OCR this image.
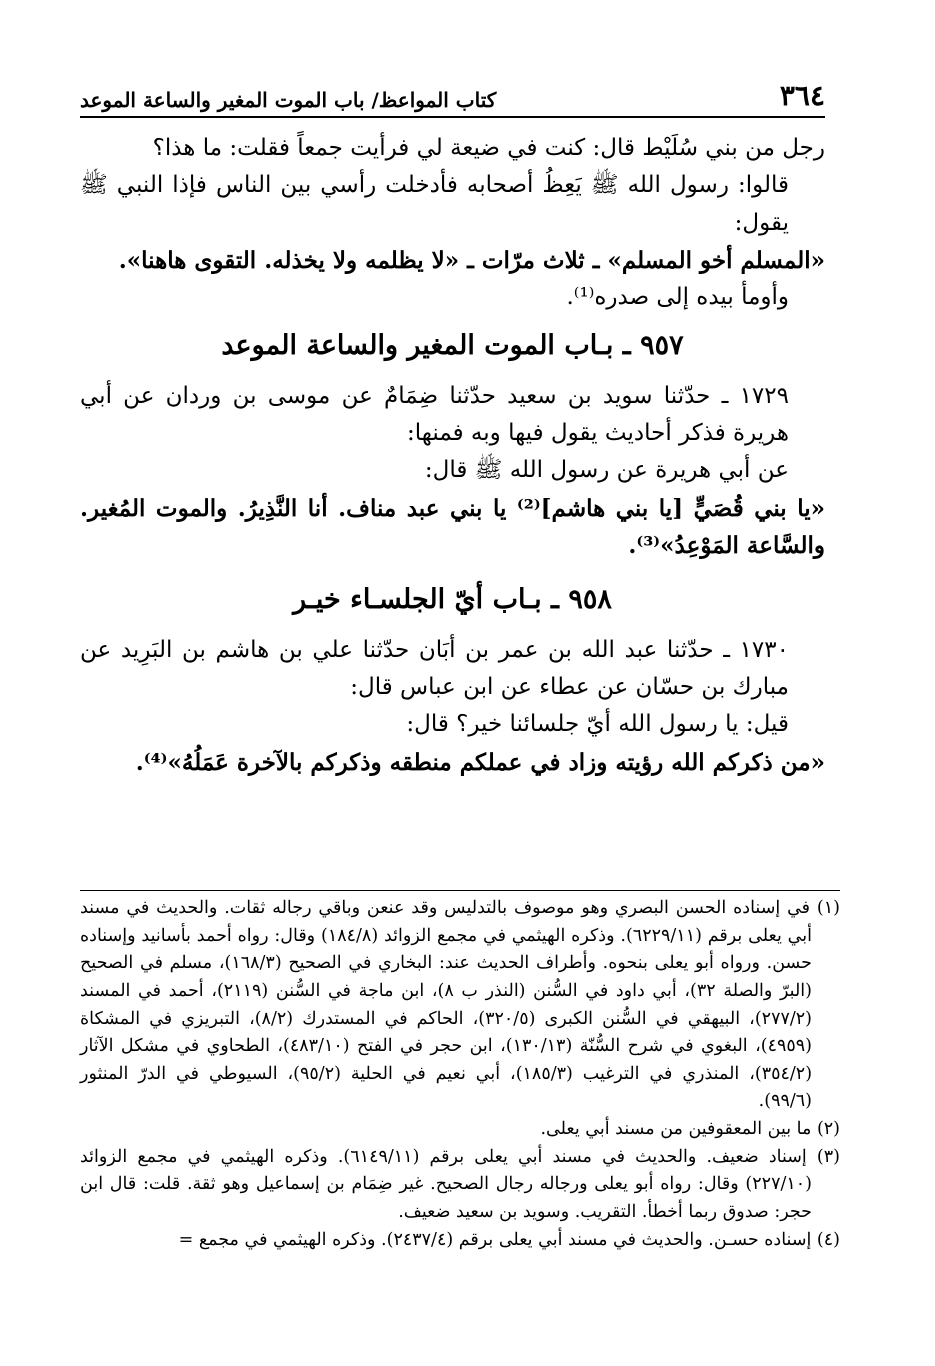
٣٦٤
كتاب المواعظ/ باب الموت المغير والساعة الموعد

رجل من بني سُلَيْط قال: كنت في ضيعة لي فرأيت جمعاً فقلت: ما هذا؟

قالوا: رسول الله ﷺ يَعِظُ أصحابه فأدخلت رأسي بين الناس فإذا النبي ﷺ يقول:

«المسلم أخو المسلم» ـ ثلاث مرّات ـ «لا يظلمه ولا يخذله. التقوى هاهنا».

وأومأ بيده إلى صدره⁽¹⁾.

٩٥٧ ـ بـاب الموت المغير والساعة الموعد

١٧٢٩ ـ حدّثنا سويد بن سعيد حدّثنا ضِمَامٌ عن موسى بن وردان عن أبي هريرة فذكر أحاديث يقول فيها وبه فمنها:

عن أبي هريرة عن رسول الله ﷺ قال:

«يا بني قُصَيٍّ [يا بني هاشم]⁽²⁾ يا بني عبد مناف. أنا النَّذِيرُ. والموت المُغير. والسَّاعة المَوْعِدُ»⁽³⁾.

٩٥٨ ـ بـاب أيّ الجلسـاء خيـر

١٧٣٠ ـ حدّثنا عبد الله بن عمر بن أبَان حدّثنا علي بن هاشم بن البَرِيد عن مبارك بن حسّان عن عطاء عن ابن عباس قال:

قيل: يا رسول الله أيّ جلسائنا خير؟ قال:

«من ذكركم الله رؤيته وزاد في عملكم منطقه وذكركم بالآخرة عَمَلُهُ»⁽⁴⁾.

(١) في إسناده الحسن البصري وهو موصوف بالتدليس وقد عنعن وباقي رجاله ثقات. والحديث في مسند أبي يعلى برقم (٦٢٢٩/١١). وذكره الهيثمي في مجمع الزوائد (١٨٤/٨) وقال: رواه أحمد بأسانيد وإسناده حسن. ورواه أبو يعلى بنحوه. وأطراف الحديث عند: البخاري في الصحيح (١٦٨/٣)، مسلم في الصحيح (البرّ والصلة ٣٢)، أبي داود في السُّنن (النذر ب ٨)، ابن ماجة في السُّنن (٢١١٩)، أحمد في المسند (٢٧٧/٢)، البيهقي في السُّنن الكبرى (٣٢٠/٥)، الحاكم في المستدرك (٨/٢)، التبريزي في المشكاة (٤٩٥٩)، البغوي في شرح السُّنّة (١٣٠/١٣)، ابن حجر في الفتح (٤٨٣/١٠)، الطحاوي في مشكل الآثار (٣٥٤/٢)، المنذري في الترغيب (١٨٥/٣)، أبي نعيم في الحلية (٩٥/٢)، السيوطي في الدرّ المنثور (٩٩/٦).

(٢) ما بين المعقوفين من مسند أبي يعلى.

(٣) إسناد ضعيف. والحديث في مسند أبي يعلى برقم (٦١٤٩/١١). وذكره الهيثمي في مجمع الزوائد (٢٢٧/١٠) وقال: رواه أبو يعلى ورجاله رجال الصحيح. غير ضِمَام بن إسماعيل وهو ثقة. قلت: قال ابن حجر: صدوق ربما أخطأ. التقريب. وسويد بن سعيد ضعيف.

(٤) إسناده حسـن. والحديث في مسند أبي يعلى برقم (٢٤٣٧/٤). وذكره الهيثمي في مجمع =
